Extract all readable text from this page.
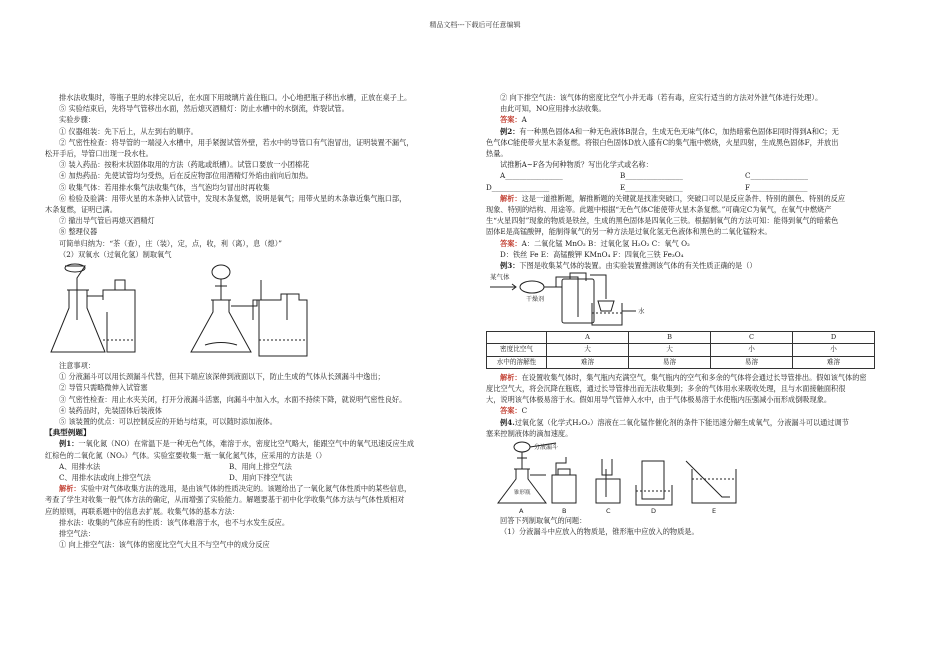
精品文档---下载后可任意编辑
排水法收集时，等瓶子里的水排完以后，在水面下用玻璃片盖住瓶口。小心地把瓶子移出水槽，正放在桌子上。
⑤ 实验结束后，先将导气管移出水面，然后熄灭酒精灯：防止水槽中的水倒流，炸裂试管。
实验步骤：
① 仪器组装：先下后上，从左到右的顺序。
② 气密性检查：将导管的一端浸入水槽中，用手紧握试管外壁，若水中的导管口有气泡冒出，证明装置不漏气，
松开手后，导管口出现一段水柱。
③ 装入药品：按粉末状固体取用的方法（药匙或纸槽）。试管口要放一小团棉花
④ 加热药品：先使试管均匀受热，后在反应物部位用酒精灯外焰由前向后加热。
⑤ 收集气体：若用排水集气法收集气体，当气泡均匀冒出时再收集
⑥ 检验及验满：用带火星的木条伸入试管中，发现木条复燃，说明是氧气；用带火星的木条靠近集气瓶口部，
木条复燃，证明已满。
⑦ 撤出导气管后再熄灭酒精灯
⑧ 整理仪器
可简单归纳为：“茶（查），庄（装），定，点，收，利（离），息（熄）”
（2）双氧水（过氧化氢）制取氧气
注意事项：
① 分液漏斗可以用长颈漏斗代替，但其下端应该深伸到液面以下，防止生成的气体从长颈漏斗中逸出；
② 导管只需略微伸入试管塞
③ 气密性检查：用止水夹关闭，打开分液漏斗活塞，向漏斗中加入水，水面不持续下降，就说明气密性良好。
④ 装药品时，先装固体后装液体
⑤ 该装置的优点：可以控制反应的开始与结束，可以随时添加液体。
【典型例题】
例1：一氧化氮（NO）在常温下是一种无色气体，难溶于水，密度比空气略大，能跟空气中的氧气迅速反应生成
红棕色的二氧化氮（NO₂）气体。实验室要收集一瓶一氧化氮气体，应采用的方法是（）
A、用排水法	B、用向上排空气法
C、用排水法或向上排空气法	D、用向下排空气法
解析：实验中对气体收集方法的选用，是由该气体的性质决定的。该题给出了一氧化氮气体性质中的某些信息，
考查了学生对收集一般气体方法的确定，从而增强了实验能力。解题要基于初中化学收集气体方法与气体性质相对
应的原则，再联系题中的信息去扩展。收集气体的基本方法：
排水法：收集的气体应有的性质：该气体难溶于水，也不与水发生反应。
排空气法：
① 向上排空气法：该气体的密度比空气大且不与空气中的成分反应
② 向下排空气法：该气体的密度比空气小并无毒（若有毒，应实行适当的方法对外泄气体进行处理）。
由此可知，NO应用排水法收集。
答案：A
例2：有一种黑色固体A和一种无色液体B混合，生成无色无味气体C，加热暗紫色固体E同时得到A和C；无
色气体C能使带火星木条复燃。将银白色固体D放入盛有C的集气瓶中燃烧，火星四射，生成黑色固体F，并放出
热量。
试推断A~F各为何种物质？写出化学式或名称：
A________________	B________________	C________________
D________________	E________________	F________________
解析：这是一道推断题，解推断题的关键就是找准突破口，突破口可以是反应条件、特别的颜色、特别的反应
现象、特别的结构、用途等。此题中根据“无色气体C能使带火星木条复燃。”可确定C为氧气，在氧气中燃烧产
生“火星四射”现象的物质是铁丝，生成的黑色固体是四氧化三铁。根据制氧气的方法可知：能得到氧气的暗紫色
固体E是高锰酸钾，能制得氧气的另一种方法是过氧化氢无色液体和黑色的二氧化锰粉末。
答案：A：二氧化锰 MnO₂ B：过氧化氢 H₂O₂ C：氧气 O₂
D：铁丝 Fe E：高锰酸钾 KMnO₄ F：四氧化三铁 Fe₃O₄
例3：下图是收集某气体的装置。由实验装置推测该气体的有关性质正确的是（）
某气体
干燥剂
水
	A	B	C	D
密度比空气	大	大	小	小
水中的溶解性	难溶	易溶	易溶	难溶
解析：在设置收集气体时，集气瓶内充满空气，集气瓶内的空气和多余的气体将会通过长导管排出。假如该气体的密
度比空气大，将会沉降在瓶底，通过长导管排出而无法收集到；多余的气体用水来吸收处理，且与水面接触面积很
大，说明该气体极易溶于水。假如用导气管伸入水中，由于气体极易溶于水使瓶内压强减小而形成倒吸现象。
答案：C
例4.过氧化氢（化学式H₂O₂）溶液在二氧化锰作催化剂的条件下能迅速分解生成氧气，分液漏斗可以通过调节
塞来控制液体的滴加速度。
分液漏斗
锥形瓶
A	B	C	D	E
回答下列制取氧气的问题：
（1）分液漏斗中应放入的物质是，锥形瓶中应放入的物质是。
